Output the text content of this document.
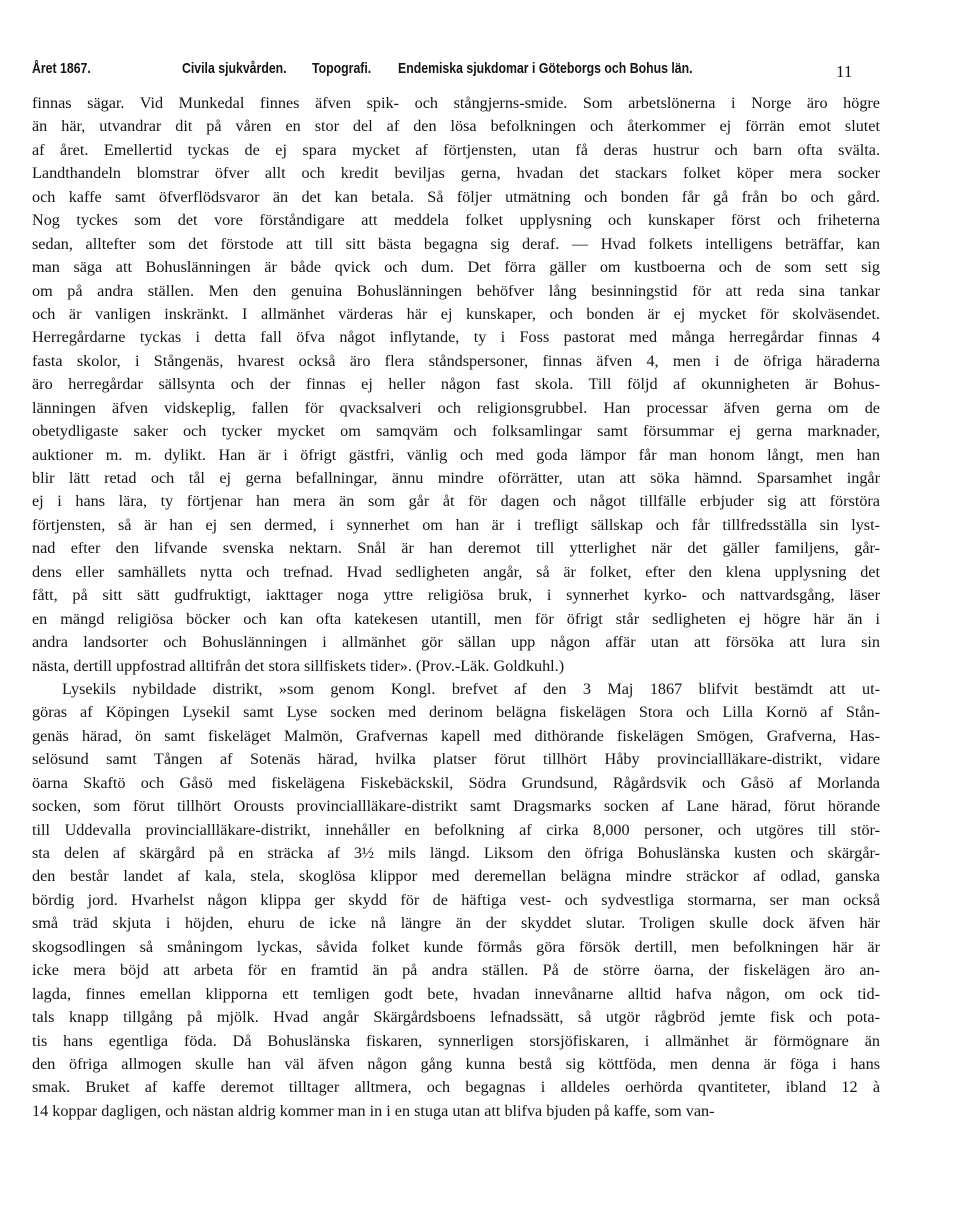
Året 1867.	Civila sjukvården. Topografi. Endemiska sjukdomar i Göteborgs och Bohus län.	11
finnas sägar. Vid Munkedal finnes äfven spik- och stångjerns-smide. Som arbetslönerna i Norge äro högre
än här, utvandrar dit på våren en stor del af den lösa befolkningen och återkommer ej förrän emot slutet
af året. Emellertid tyckas de ej spara mycket af förtjensten, utan få deras hustrur och barn ofta svälta.
Landthandeln blomstrar öfver allt och kredit beviljas gerna, hvadan det stackars folket köper mera socker
och kaffe samt öfverflödsvaror än det kan betala. Så följer utmätning och bonden får gå från bo och gård.
Nog tyckes som det vore förståndigare att meddela folket upplysning och kunskaper först och friheterna
sedan, alltefter som det förstode att till sitt bästa begagna sig deraf. — Hvad folkets intelligens beträffar, kan
man säga att Bohuslänningen är både qvick och dum. Det förra gäller om kustboerna och de som sett sig
om på andra ställen. Men den genuina Bohuslänningen behöfver lång besinningstid för att reda sina tankar
och är vanligen inskränkt. I allmänhet värderas här ej kunskaper, och bonden är ej mycket för skolväsendet.
Herregårdarne tyckas i detta fall öfva något inflytande, ty i Foss pastorat med många herregårdar finnas 4
fasta skolor, i Stångenäs, hvarest också äro flera ståndspersoner, finnas äfven 4, men i de öfriga häraderna
äro herregårdar sällsynta och der finnas ej heller någon fast skola. Till följd af okunnigheten är Bohus-
länningen äfven vidskeplig, fallen för qvacksalveri och religionsgrubbel. Han processar äfven gerna om de
obetydligaste saker och tycker mycket om samqväm och folksamlingar samt försummar ej gerna marknader,
auktioner m. m. dylikt. Han är i öfrigt gästfri, vänlig och med goda lämpor får man honom långt, men han
blir lätt retad och tål ej gerna befallningar, ännu mindre oförrätter, utan att söka hämnd. Sparsamhet ingår
ej i hans lära, ty förtjenar han mera än som går åt för dagen och något tillfälle erbjuder sig att förstöra
förtjensten, så är han ej sen dermed, i synnerhet om han är i trefligt sällskap och får tillfredsställa sin lyst-
nad efter den lifvande svenska nektarn. Snål är han deremot till ytterlighet när det gäller familjens, går-
dens eller samhällets nytta och trefnad. Hvad sedligheten angår, så är folket, efter den klena upplysning det
fått, på sitt sätt gudfruktigt, iakttager noga yttre religiösa bruk, i synnerhet kyrko- och nattvardsgång, läser
en mängd religiösa böcker och kan ofta katekesen utantill, men för öfrigt står sedligheten ej högre här än i
andra landsorter och Bohuslänningen i allmänhet gör sällan upp någon affär utan att försöka att lura sin
nästa, dertill uppfostrad alltifrån det stora sillfiskets tider». (Prov.-Läk. Goldkuhl.)
Lysekils nybildade distrikt, »som genom Kongl. brefvet af den 3 Maj 1867 blifvit bestämdt att ut-
göras af Köpingen Lysekil samt Lyse socken med derinom belägna fiskelägen Stora och Lilla Kornö af Stån-
genäs härad, ön samt fiskeläget Malmön, Grafvernas kapell med dithörande fiskelägen Smögen, Grafverna, Has-
selösund samt Tången af Sotenäs härad, hvilka platser förut tillhört Håby provinciallläkare-distrikt, vidare
öarna Skaftö och Gåsö med fiskelägena Fiskebäckskil, Södra Grundsund, Rågårdsvik och Gåsö af Morlanda
socken, som förut tillhört Orousts provinciallläkare-distrikt samt Dragsmarks socken af Lane härad, förut hörande
till Uddevalla provinciallläkare-distrikt, innehåller en befolkning af cirka 8,000 personer, och utgöres till stör-
sta delen af skärgård på en sträcka af 3½ mils längd. Liksom den öfriga Bohuslänska kusten och skärgår-
den består landet af kala, stela, skoglösa klippor med deremellan belägna mindre sträckor af odlad, ganska
bördig jord. Hvarhelst någon klippa ger skydd för de häftiga vest- och sydvestliga stormarna, ser man också
små träd skjuta i höjden, ehuru de icke nå längre än der skyddet slutar. Troligen skulle dock äfven här
skogsodlingen så småningom lyckas, såvida folket kunde förmås göra försök dertill, men befolkningen här är
icke mera böjd att arbeta för en framtid än på andra ställen. På de större öarna, der fiskelägen äro an-
lagda, finnes emellan klipporna ett temligen godt bete, hvadan innevånarne alltid hafva någon, om ock tid-
tals knapp tillgång på mjölk. Hvad angår Skärgårdsboens lefnadssätt, så utgör rågbröd jemte fisk och pota-
tis hans egentliga föda. Då Bohuslänska fiskaren, synnerligen storsjöfiskaren, i allmänhet är förmögnare än
den öfriga allmogen skulle han väl äfven någon gång kunna bestå sig köttföda, men denna är föga i hans
smak. Bruket af kaffe deremot tilltager alltmera, och begagnas i alldeles oerhörda qvantiteter, ibland 12 à
14 koppar dagligen, och nästan aldrig kommer man in i en stuga utan att blifva bjuden på kaffe, som van-
